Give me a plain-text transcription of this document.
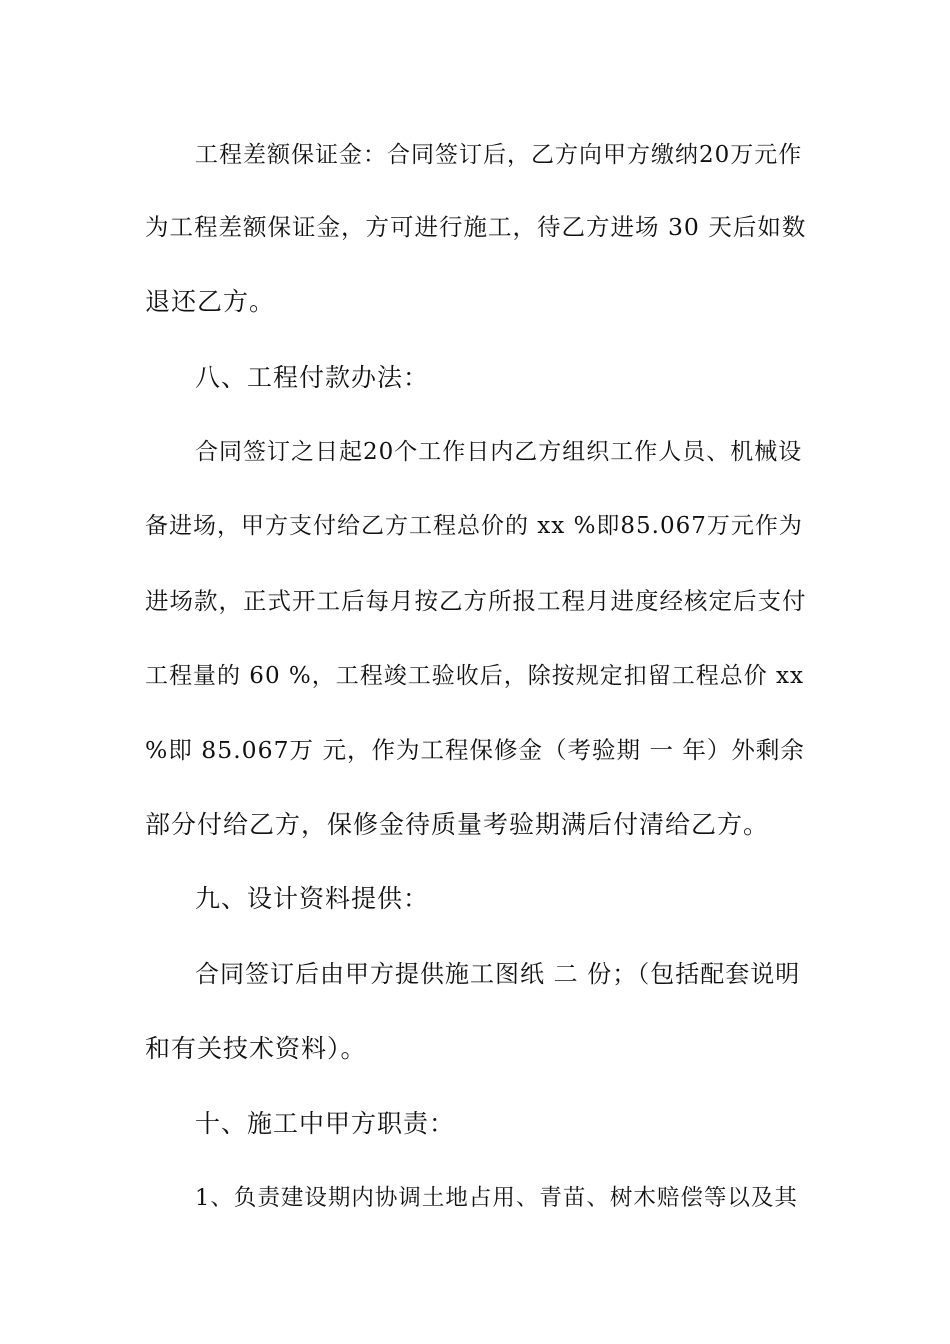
工程差额保证金：合同签订后，乙方向甲方缴纳20万元作
为工程差额保证金，方可进行施工，待乙方进场 30 天后如数
退还乙方。
八、工程付款办法：
合同签订之日起20个工作日内乙方组织工作人员、机械设
备进场，甲方支付给乙方工程总价的 xx %即85.067万元作为
进场款，正式开工后每月按乙方所报工程月进度经核定后支付
工程量的 60 %，工程竣工验收后，除按规定扣留工程总价 xx
%即 85.067万 元，作为工程保修金（考验期 一 年）外剩余
部分付给乙方，保修金待质量考验期满后付清给乙方。
九、设计资料提供：
合同签订后由甲方提供施工图纸 二 份；（包括配套说明
和有关技术资料）。
十、施工中甲方职责：
1、负责建设期内协调土地占用、青苗、树木赔偿等以及其
